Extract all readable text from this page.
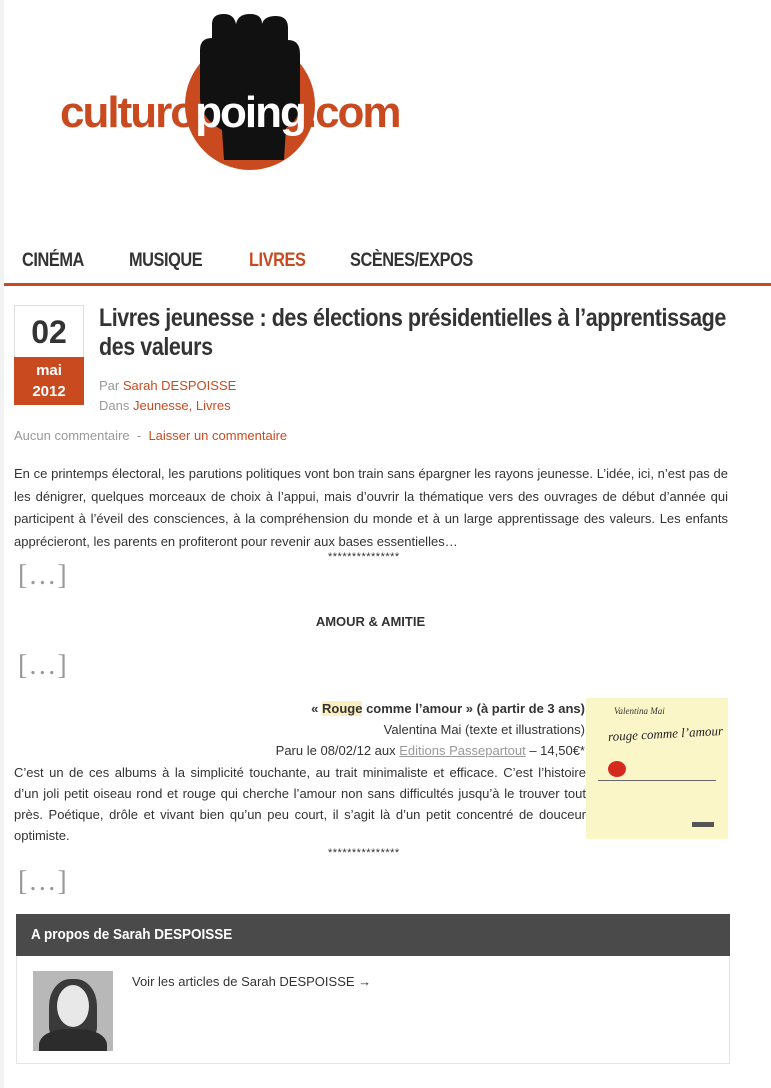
culturopoing.com
CINÉMA MUSIQUE LIVRES SCÈNES/EXPOS
02
mai
2012
Livres jeunesse : des élections présidentielles à l’apprentissage
des valeurs
Par Sarah DESPOISSE
Dans Jeunesse, Livres
Aucun commentaire - Laisser un commentaire

En ce printemps électoral, les parutions politiques vont bon train sans épargner les rayons jeunesse. L’idée, ici, n’est pas de les dénigrer, quelques morceaux de choix à l’appui, mais d’ouvrir la thématique vers des ouvrages de début d’année qui participent à l’éveil des consciences, à la compréhension du monde et à un large apprentissage des valeurs. Les enfants apprécieront, les parents en profiteront pour revenir aux bases essentielles…

***************
[…]
AMOUR & AMITIE
[…]
« Rouge comme l’amour » (à partir de 3 ans)
Valentina Mai (texte et illustrations)
Paru le 08/02/12 aux Editions Passepartout – 14,50€*
Valentina Mai
rouge comme l’amour

C’est un de ces albums à la simplicité touchante, au trait minimaliste et efficace. C’est l’histoire d’un joli petit oiseau rond et rouge qui cherche l’amour non sans difficultés jusqu’à le trouver tout près. Poétique, drôle et vivant bien qu’un peu court, il s’agit là d’un petit concentré de douceur optimiste.

***************
[…]
A propos de Sarah DESPOISSE
Voir les articles de Sarah DESPOISSE →
